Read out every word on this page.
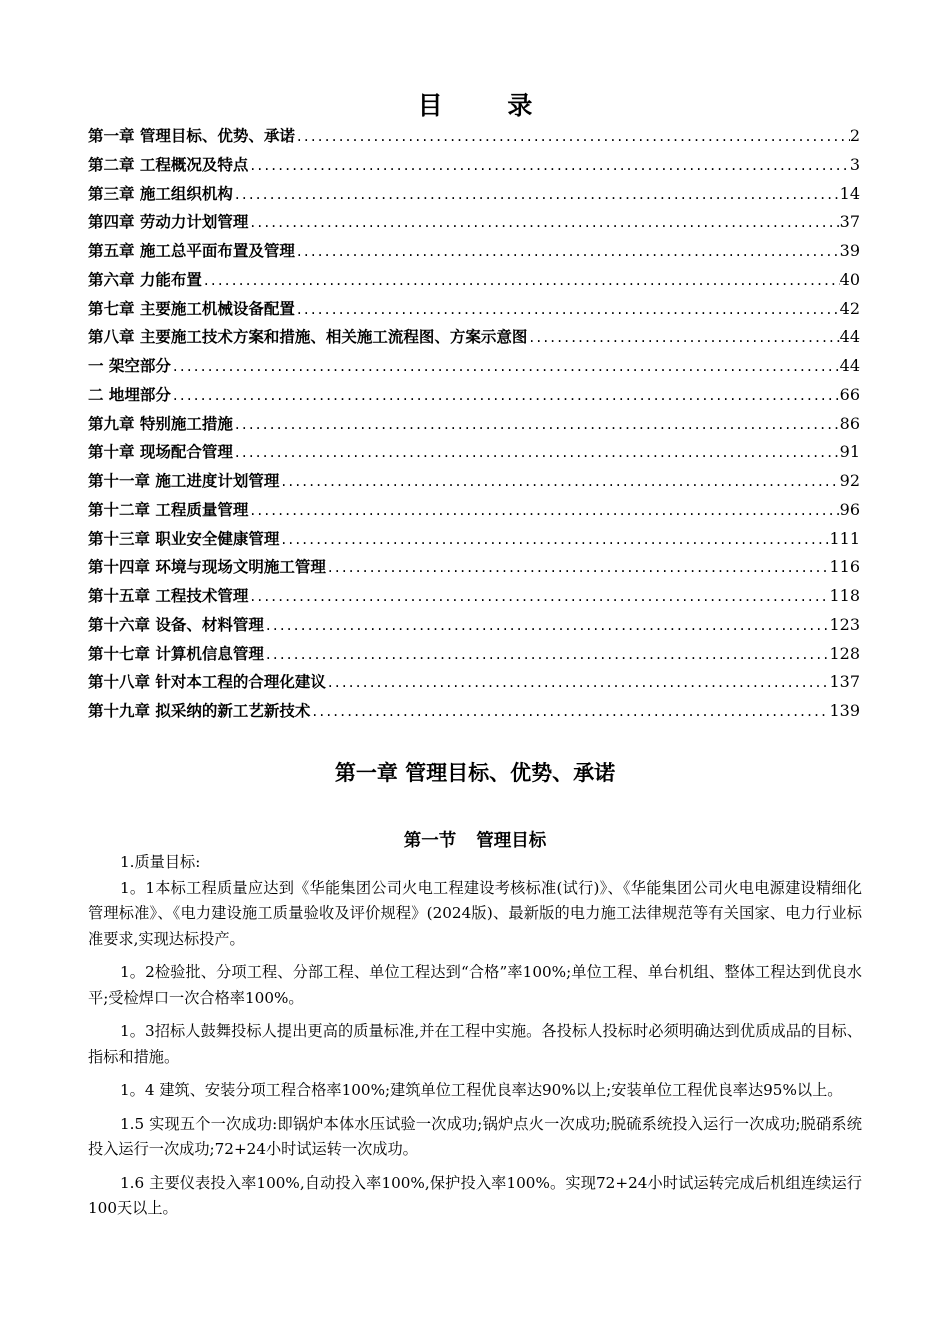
目 录
第一章 管理目标、优势、承诺 .....	2
第二章 工程概况及特点 .....	3
第三章 施工组织机构 .....	14
第四章 劳动力计划管理 .....	37
第五章 施工总平面布置及管理 .....	39
第六章 力能布置 .....	40
第七章 主要施工机械设备配置 .....	42
第八章 主要施工技术方案和措施、相关施工流程图、方案示意图 .....	44
一 架空部分 .....	44
二 地埋部分 .....	66
第九章 特别施工措施 .....	86
第十章 现场配合管理 .....	91
第十一章 施工进度计划管理 .....	92
第十二章 工程质量管理 .....	96
第十三章 职业安全健康管理 .....	111
第十四章 环境与现场文明施工管理 .....	116
第十五章 工程技术管理 .....	118
第十六章 设备、材料管理 .....	123
第十七章 计算机信息管理 .....	128
第十八章 针对本工程的合理化建议 .....	137
第十九章 拟采纳的新工艺新技术 .....	139
第一章 管理目标、优势、承诺
第一节 管理目标
1.质量目标:

1。1本标工程质量应达到《华能集团公司火电工程建设考核标准(试行)》、《华能集团公司火电电源建设精细化管理标准》、《电力建设施工质量验收及评价规程》(2024版)、最新版的电力施工法律规范等有关国家、电力行业标准要求,实现达标投产。

1。2检验批、分项工程、分部工程、单位工程达到“合格”率100%;单位工程、单台机组、整体工程达到优良水平;受检焊口一次合格率100%。

1。3招标人鼓舞投标人提出更高的质量标准,并在工程中实施。各投标人投标时必须明确达到优质成品的目标、指标和措施。

1。4 建筑、安装分项工程合格率100%;建筑单位工程优良率达90%以上;安装单位工程优良率达95%以上。

1.5 实现五个一次成功:即锅炉本体水压试验一次成功;锅炉点火一次成功;脱硫系统投入运行一次成功;脱硝系统投入运行一次成功;72+24小时试运转一次成功。

1.6 主要仪表投入率100%,自动投入率100%,保护投入率100%。实现72+24小时试运转完成后机组连续运行100天以上。
